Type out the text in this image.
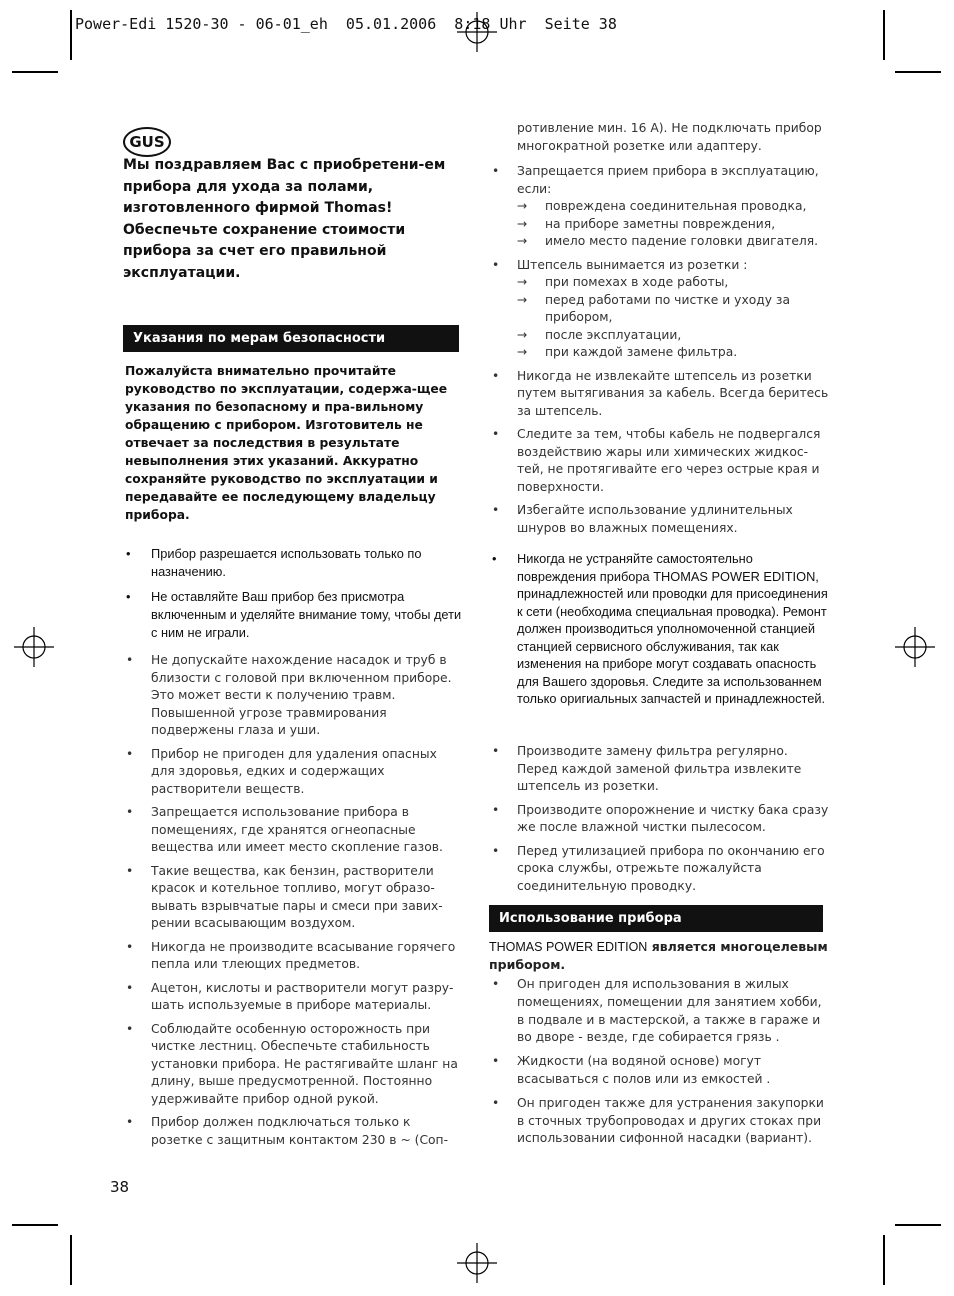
Power-Edi 1520-30 - 06-01_eh  05.01.2006  8:18 Uhr  Seite 38
GUS
Мы поздравляем Вас с приобретени-ем прибора для ухода за полами, изготовленного фирмой Thomas! Обеспечьте сохранение стоимости прибора за счет его правильной эксплуатации.
Указания по мерам безопасности
Пожалуйста внимательно прочитайте руководство по эксплуатации, содержа-щее указания по безопасному и пра-вильному обращению с прибором. Изготовитель не отвечает за последствия в результате невыполнения этих указаний. Аккуратно сохраняйте руководство по эксплуатации и передавайте ее последующему владельцу прибора.
• Прибор разрешается использовать только по назначению.
• Не оставляйте Ваш прибор без присмотра включенным и уделяйте внимание тому, чтобы дети с ним не играли.
• Не допускайте нахождение насадок и труб в близости с головой при включенном приборе. Это может вести к получению травм. Повышенной угрозе травмирования подвержены глаза и уши.
• Прибор не пригоден для удаления опасных для здоровья, едких и содержащих растворители веществ.
• Запрещается использование прибора в помещениях, где хранятся огнеопасные вещества или имеет место скопление газов.
• Такие вещества, как бензин, растворители красок и котельное топливо, могут образо-вывать взрывчатые пары и смеси при завих-рении всасывающим воздухом.
• Никогда не производите всасывание горячего пепла или тлеющих предметов.
• Ацетон, кислоты и растворители могут разру-шать используемые в приборе материалы.
• Соблюдайте особенную осторожность при чистке лестниц. Обеспечьте стабильность установки прибора. Не растягивайте шланг на длину, выше предусмотренной. Постоянно удерживайте прибор одной рукой.
• Прибор должен подключаться только к розетке с защитным контактом 230 в ~ (Соп-
ротивление мин. 16 A). Не подключать прибор многократной розетке или адаптеру.
• Запрещается прием прибора в эксплуатацию, если:
→ повреждена соединительная проводка,
→ на приборе заметны повреждения,
→ имело место падение головки двигателя.
• Штепсель вынимается из розетки :
→ при помехах в ходе работы,
→ перед работами по чистке и уходу за прибором,
→ после эксплуатации,
→ при каждой замене фильтра.
• Никогда не извлекайте штепсель из розетки путем вытягивания за кабель. Всегда беритесь за штепсель.
• Следите за тем, чтобы кабель не подвергался воздействию жары или химических жидкос-тей, не протягивайте его через острые края и поверхности.
• Избегайте использование удлинительных шнуров во влажных помещениях.
• Никогда не устраняйте самостоятельно повреждения прибора THOMAS POWER EDITION, принадлежностей или проводки для присоединения к сети (необходима специальная проводка). Ремонт должен производиться уполномоченной станцией станцией сервисного обслуживания, так как изменения на приборе могут создавать опасность для Вашего здоровья. Следите за использованнем только оригиальных запчастей и принадлежностей.
• Производите замену фильтра регулярно. Перед каждой заменой фильтра извлеките штепсель из розетки.
• Производите опорожнение и чистку бака сразу же после влажной чистки пылесосом.
• Перед утилизацией прибора по окончанию его срока службы, отрежьте пожалуйста соединительную проводку.
Использование прибора
THOMAS POWER EDITION является многоцелевым прибором.
• Он пригоден для использования в жилых помещениях, помещении для занятием хобби, в подвале и в мастерской, а также в гараже и во дворе - везде, где собирается грязь .
• Жидкости (на водяной основе) могут всасываться с полов или из емкостей .
• Он пригоден также для устранения закупорки в сточных трубопроводах и других стоках при использовании сифонной насадки (вариант).
38
